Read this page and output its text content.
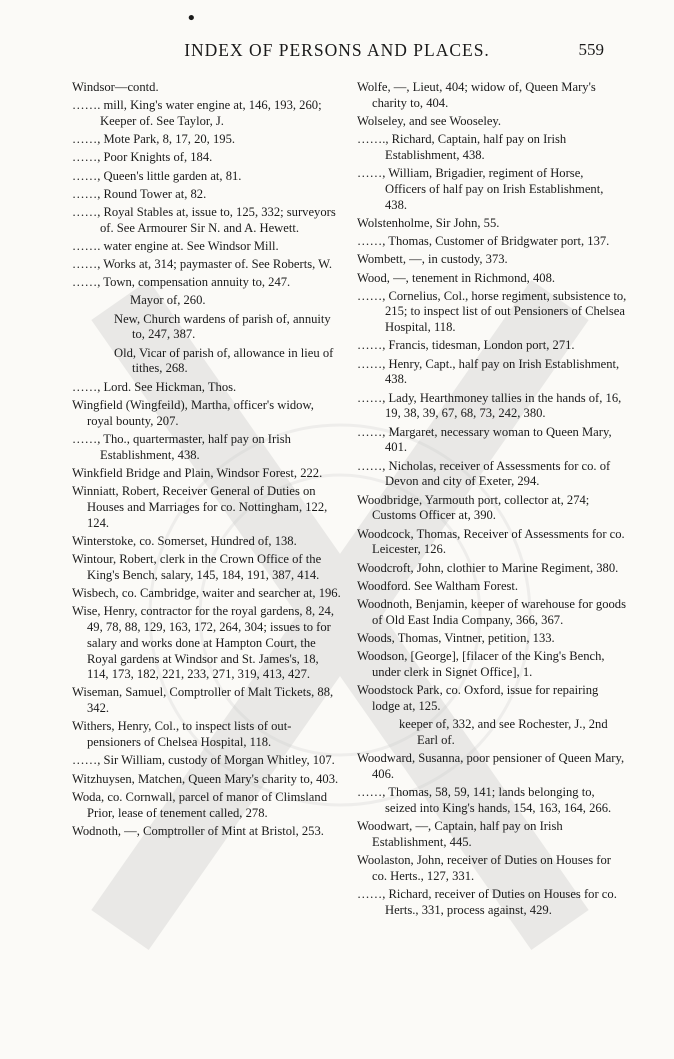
•
INDEX OF PERSONS AND PLACES.	559
Windsor—contd.
……. mill, King's water engine at, 146, 193, 260; Keeper of. See Taylor, J.
……, Mote Park, 8, 17, 20, 195.
……, Poor Knights of, 184.
……, Queen's little garden at, 81.
……, Round Tower at, 82.
……, Royal Stables at, issue to, 125, 332; surveyors of. See Armourer Sir N. and A. Hewett.
……. water engine at. See Windsor Mill.
……, Works at, 314; paymaster of. See Roberts, W.
……, Town, compensation annuity to, 247.
Mayor of, 260.
New, Church wardens of parish of, annuity to, 247, 387.
Old, Vicar of parish of, allowance in lieu of tithes, 268.
……, Lord. See Hickman, Thos.
Wingfield (Wingfeild), Martha, officer's widow, royal bounty, 207.
……, Tho., quartermaster, half pay on Irish Establishment, 438.
Winkfield Bridge and Plain, Windsor Forest, 222.
Winniatt, Robert, Receiver General of Duties on Houses and Marriages for co. Nottingham, 122, 124.
Winterstoke, co. Somerset, Hundred of, 138.
Wintour, Robert, clerk in the Crown Office of the King's Bench, salary, 145, 184, 191, 387, 414.
Wisbech, co. Cambridge, waiter and searcher at, 196.
Wise, Henry, contractor for the royal gardens, 8, 24, 49, 78, 88, 129, 163, 172, 264, 304; issues to for salary and works done at Hampton Court, the Royal gardens at Windsor and St. James's, 18, 114, 173, 182, 221, 233, 271, 319, 413, 427.
Wiseman, Samuel, Comptroller of Malt Tickets, 88, 342.
Withers, Henry, Col., to inspect lists of out-pensioners of Chelsea Hospital, 118.
……, Sir William, custody of Morgan Whitley, 107.
Witzhuysen, Matchen, Queen Mary's charity to, 403.
Woda, co. Cornwall, parcel of manor of Climsland Prior, lease of tenement called, 278.
Wodnoth, —, Comptroller of Mint at Bristol, 253.
Wolfe, —, Lieut, 404; widow of, Queen Mary's charity to, 404.
Wolseley, and see Wooseley.
……., Richard, Captain, half pay on Irish Establishment, 438.
……, William, Brigadier, regiment of Horse, Officers of half pay on Irish Establishment, 438.
Wolstenholme, Sir John, 55.
……, Thomas, Customer of Bridgwater port, 137.
Wombett, —, in custody, 373.
Wood, —, tenement in Richmond, 408.
……, Cornelius, Col., horse regiment, subsistence to, 215; to inspect list of out Pensioners of Chelsea Hospital, 118.
……, Francis, tidesman, London port, 271.
……, Henry, Capt., half pay on Irish Establishment, 438.
……, Lady, Hearthmoney tallies in the hands of, 16, 19, 38, 39, 67, 68, 73, 242, 380.
……, Margaret, necessary woman to Queen Mary, 401.
……, Nicholas, receiver of Assessments for co. of Devon and city of Exeter, 294.
Woodbridge, Yarmouth port, collector at, 274; Customs Officer at, 390.
Woodcock, Thomas, Receiver of Assessments for co. Leicester, 126.
Woodcroft, John, clothier to Marine Regiment, 380.
Woodford. See Waltham Forest.
Woodnoth, Benjamin, keeper of warehouse for goods of Old East India Company, 366, 367.
Woods, Thomas, Vintner, petition, 133.
Woodson, [George], [filacer of the King's Bench, under clerk in Signet Office], 1.
Woodstock Park, co. Oxford, issue for repairing lodge at, 125.
keeper of, 332, and see Rochester, J., 2nd Earl of.
Woodward, Susanna, poor pensioner of Queen Mary, 406.
……, Thomas, 58, 59, 141; lands belonging to, seized into King's hands, 154, 163, 164, 266.
Woodwart, —, Captain, half pay on Irish Establishment, 445.
Woolaston, John, receiver of Duties on Houses for co. Herts., 127, 331.
……, Richard, receiver of Duties on Houses for co. Herts., 331, process against, 429.
